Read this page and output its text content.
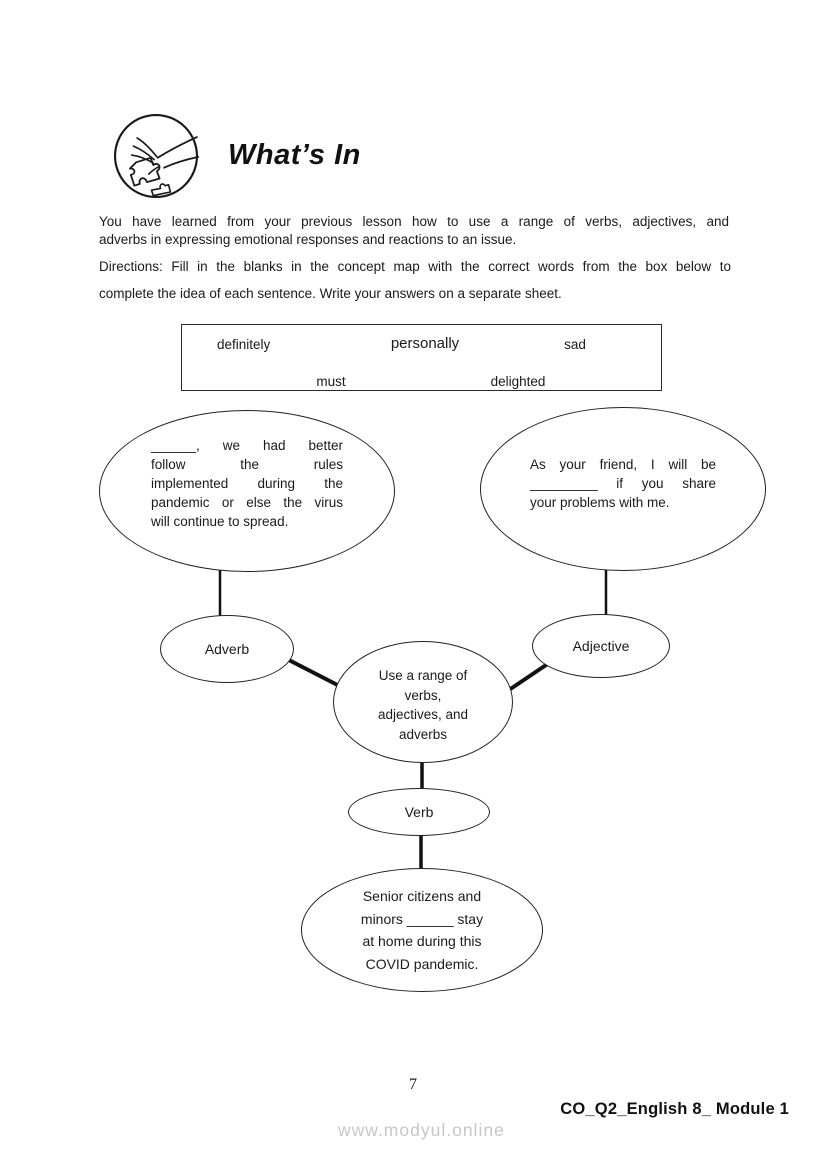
What’s In
You have learned from your previous lesson how to use a range of verbs, adjectives, and
adverbs in expressing emotional responses and reactions to an issue.
Directions: Fill in the blanks in the concept map with the correct words from the box below to
complete the idea of each sentence. Write your answers on a separate sheet.
definitely	personally	sad
must	delighted
______, we had better
follow the rules
implemented during the
pandemic or else the virus
will continue to spread.
As your friend, I will be
_________ if you share
your problems with me.
Adverb	Adjective
Use a range of
verbs,
adjectives, and
adverbs
Verb
Senior citizens and
minors ______ stay
at home during this
COVID pandemic.
7
CO_Q2_English 8_ Module 1
www.modyul.online
